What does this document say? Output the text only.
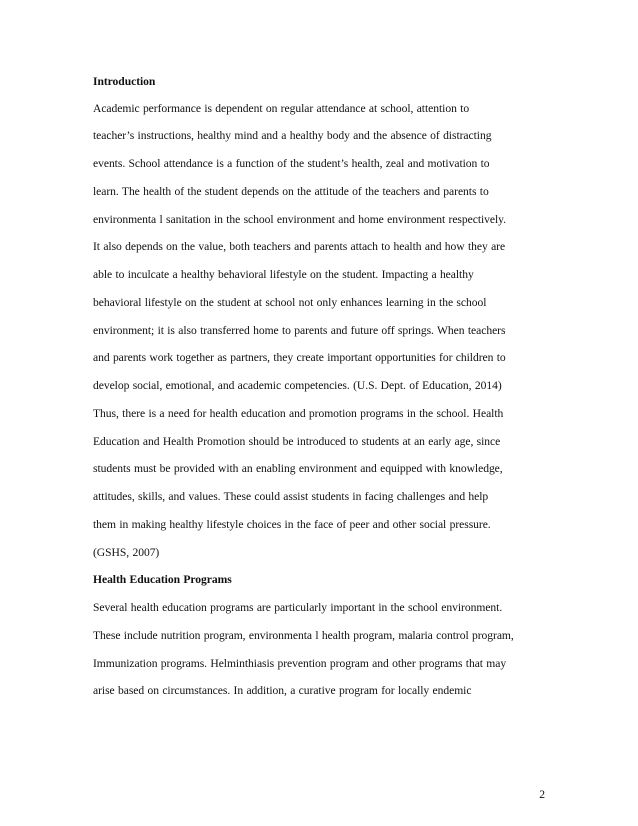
Introduction
Academic performance is dependent on regular attendance at school, attention to
teacher’s instructions, healthy mind and a healthy body and the absence of distracting
events. School attendance is a function of the student’s health, zeal and motivation to
learn. The health of the student depends on the attitude of the teachers and parents to
environmenta l sanitation in the school environment and home environment respectively.
It also depends on the value, both teachers and parents attach to health and how they are
able to inculcate a healthy behavioral lifestyle on the student. Impacting a healthy
behavioral lifestyle on the student at school not only enhances learning in the school
environment; it is also transferred home to parents and future off springs. When teachers
and parents work together as partners, they create important opportunities for children to
develop social, emotional, and academic competencies. (U.S. Dept. of Education, 2014)
Thus, there is a need for health education and promotion programs in the school. Health
Education and Health Promotion should be introduced to students at an early age, since
students must be provided with an enabling environment and equipped with knowledge,
attitudes, skills, and values. These could assist students in facing challenges and help
them in making healthy lifestyle choices in the face of peer and other social pressure.
(GSHS, 2007)
Health Education Programs
Several health education programs are particularly important in the school environment.
These include nutrition program, environmenta l health program, malaria control program,
Immunization programs. Helminthiasis prevention program and other programs that may
arise based on circumstances. In addition, a curative program for locally endemic
2
